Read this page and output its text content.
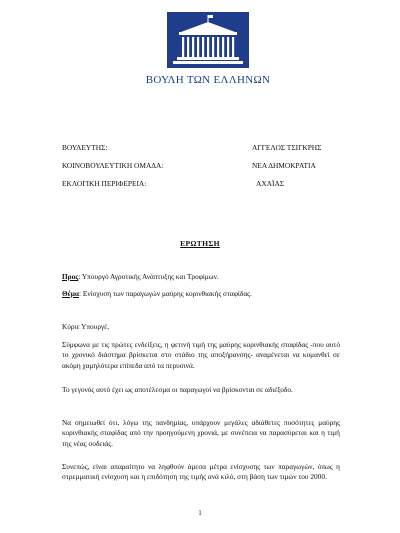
ΒΟΥΛΗ ΤΩΝ ΕΛΛΗΝΩΝ
ΒΟΥΛΕΥΤΗΣ:	ΑΓΓΕΛΟΣ ΤΣΙΓΚΡΗΣ
ΚΟΙΝΟΒΟΥΛΕΥΤΙΚΗ ΟΜΑΔΑ:	ΝΕΑ ΔΗΜΟΚΡΑΤΙΑ
ΕΚΛΟΓΙΚΗ ΠΕΡΙΦΕΡΕΙΑ:	ΑΧΑΪΑΣ
ΕΡΩΤΗΣΗ
Προς: Υπουργό Αγροτικής Ανάπτυξης και Τροφίμων.
Θέμα: Ενίσχυση των παραγωγών μαύρης κορινθιακής σταφίδας.
Κύριε Υπουργέ,
Σύμφωνα με τις πρώτες ενδείξεις, η φετινή τιμή της μαύρης κορινθιακής σταφίδας -που αυτό το χρονικό διάστημα βρίσκεται στο στάδιο της αποξήρανσης- αναμένεται να κυμανθεί σε ακόμη χαμηλότερα επίπεδα από τα περυσινά.
Το γεγονός αυτό έχει ως αποτέλεσμα οι παραγωγοί να βρίσκονται σε αδιέξοδο.
Να σημειωθεί ότι, λόγω της πανδημίας, υπάρχουν μεγάλες αδιάθετες ποσότητες μαύρης κορινθιακής σταφίδας από την προηγούμενη χρονιά, με συνέπεια να παρασύρεται και η τιμή της νέας σοδειάς.
Συνεπώς, είναι απαραίτητο να ληφθούν άμεσα μέτρα ενίσχυσης των παραγωγών, όπως η στρεμματική ενίσχυση και η επιδότηση της τιμής ανά κιλό, στη βάση των τιμών του 2000.
1
